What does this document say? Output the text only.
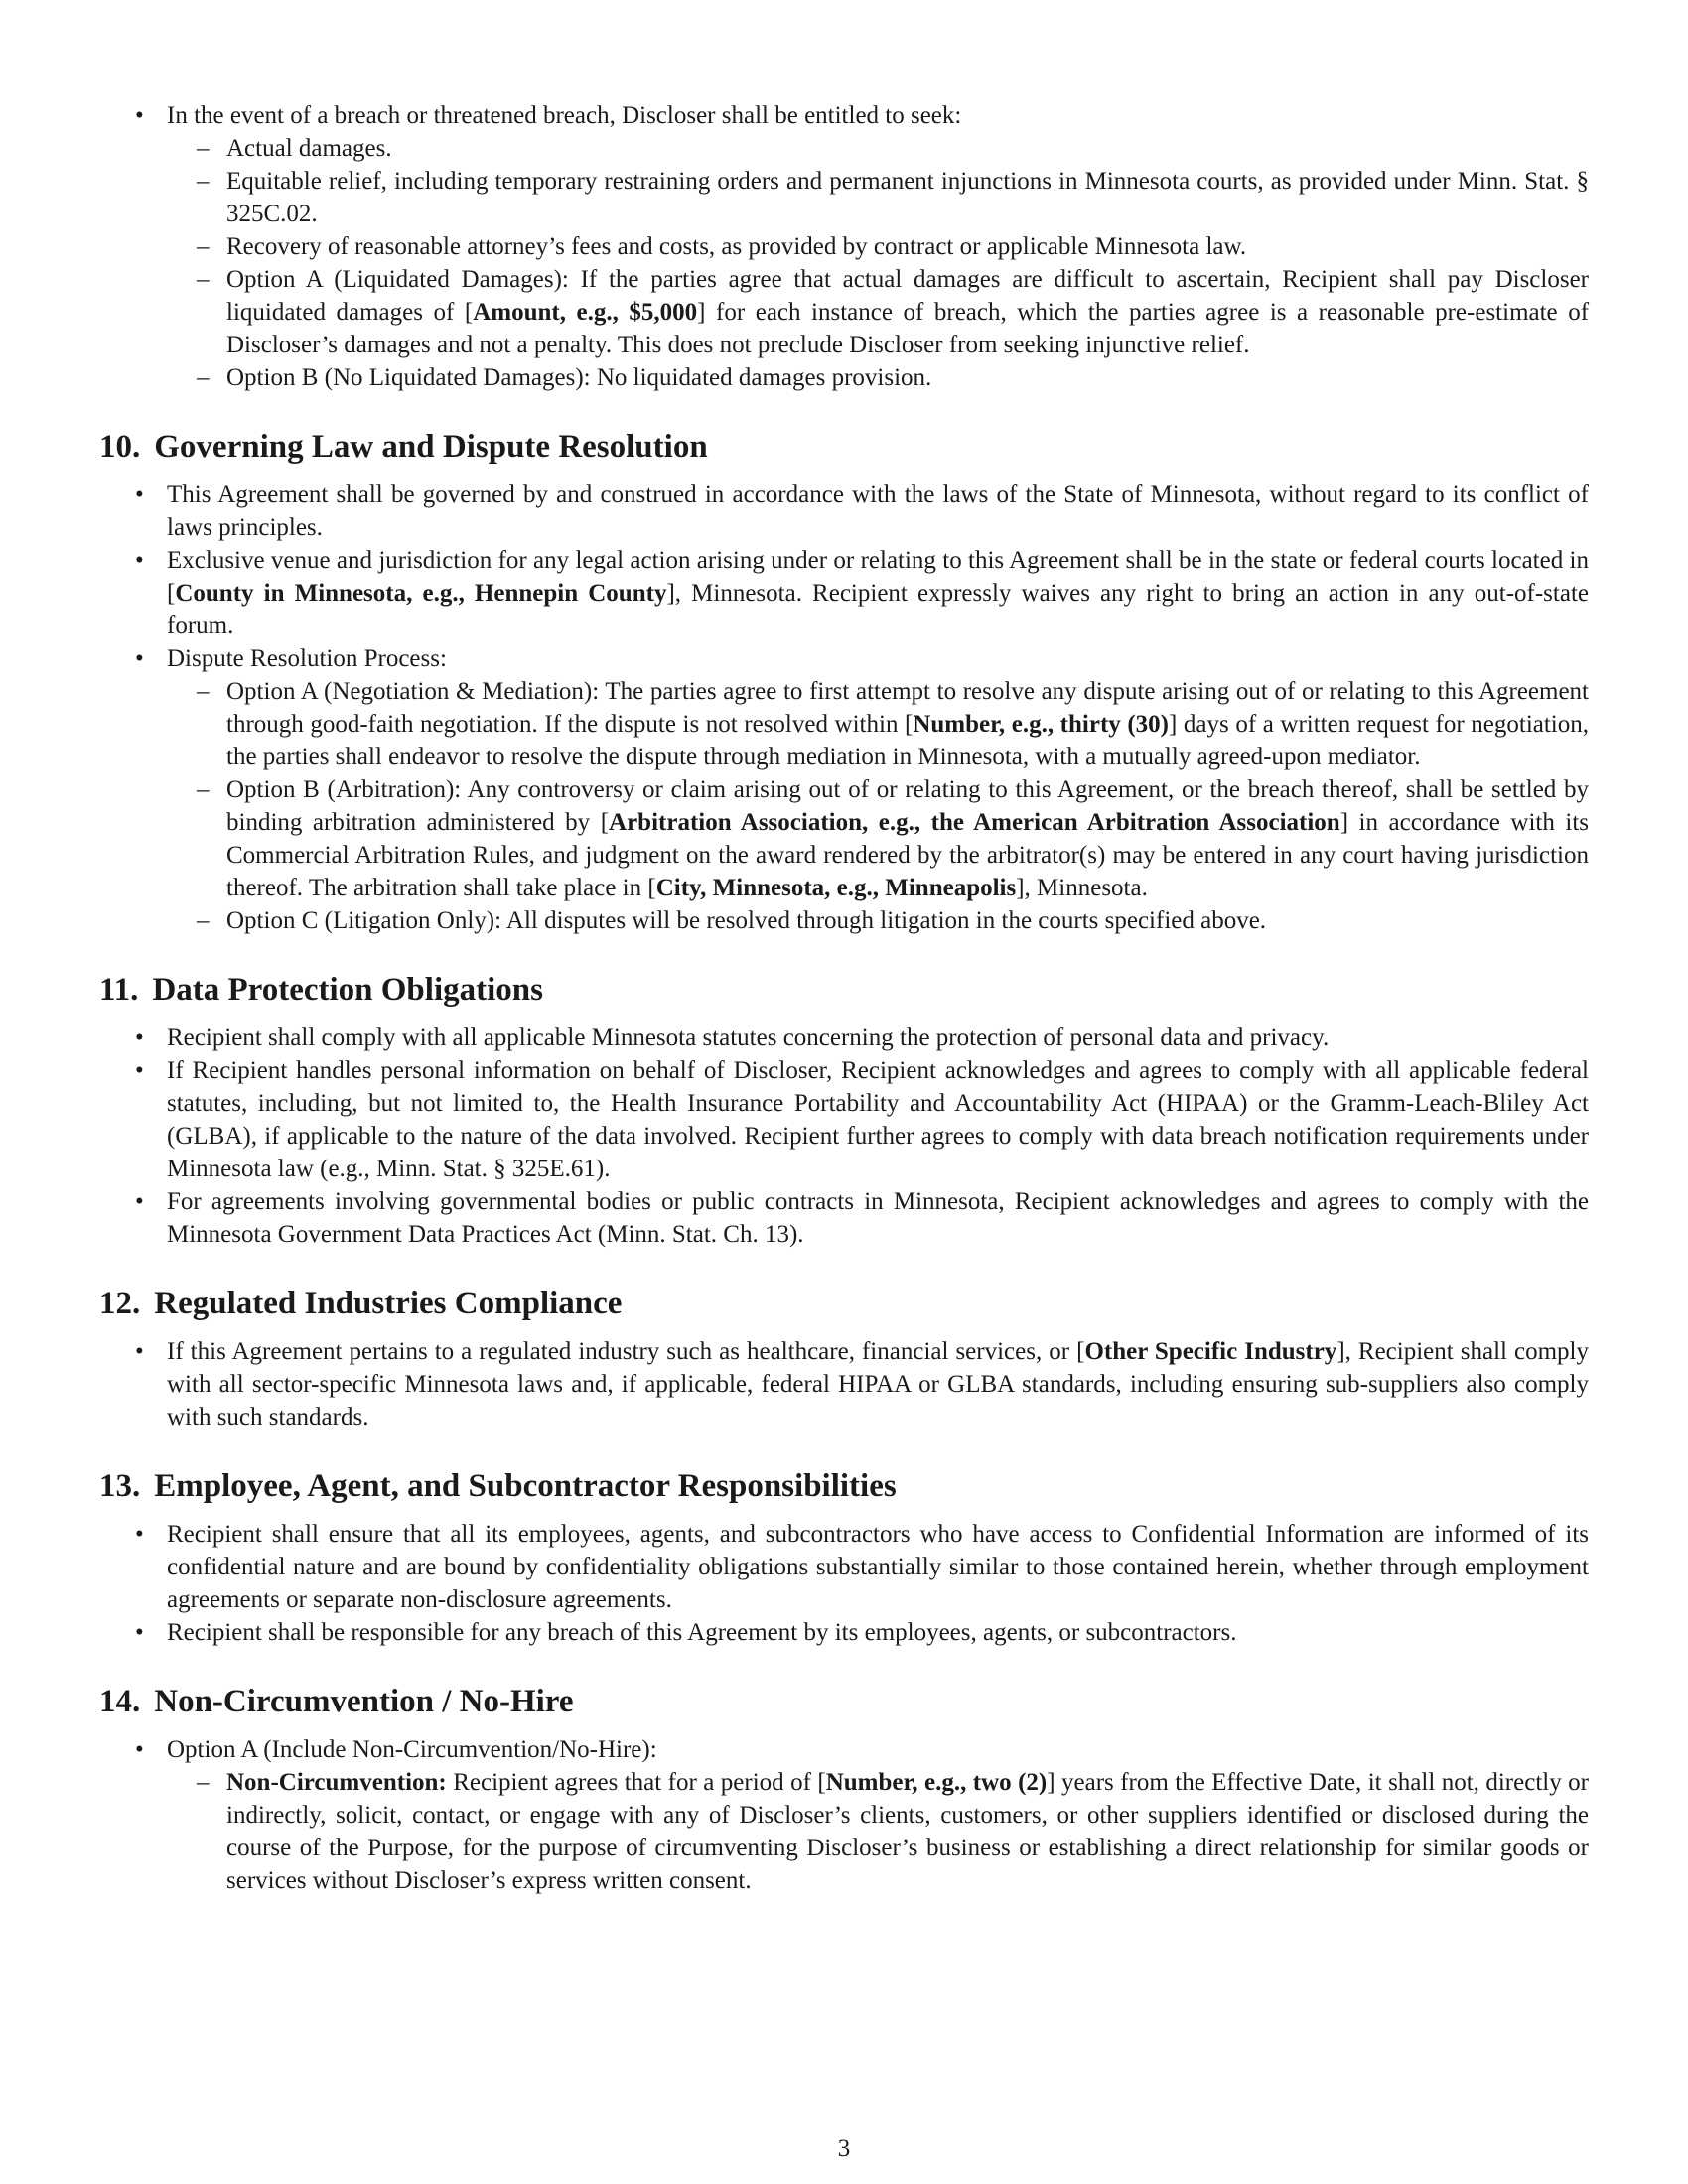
• In the event of a breach or threatened breach, Discloser shall be entitled to seek:
– Actual damages.
– Equitable relief, including temporary restraining orders and permanent injunctions in Minnesota courts, as provided under Minn. Stat. § 325C.02.
– Recovery of reasonable attorney’s fees and costs, as provided by contract or applicable Minnesota law.
– Option A (Liquidated Damages): If the parties agree that actual damages are difficult to ascertain, Recipient shall pay Discloser liquidated damages of [Amount, e.g., $5,000] for each instance of breach, which the parties agree is a reasonable pre-estimate of Discloser’s damages and not a penalty. This does not preclude Discloser from seeking injunctive relief.
– Option B (No Liquidated Damages): No liquidated damages provision.
10. Governing Law and Dispute Resolution
• This Agreement shall be governed by and construed in accordance with the laws of the State of Minnesota, without regard to its conflict of laws principles.
• Exclusive venue and jurisdiction for any legal action arising under or relating to this Agreement shall be in the state or federal courts located in [County in Minnesota, e.g., Hennepin County], Minnesota. Recipient expressly waives any right to bring an action in any out-of-state forum.
• Dispute Resolution Process:
– Option A (Negotiation & Mediation): The parties agree to first attempt to resolve any dispute arising out of or relating to this Agreement through good-faith negotiation. If the dispute is not resolved within [Number, e.g., thirty (30)] days of a written request for negotiation, the parties shall endeavor to resolve the dispute through mediation in Minnesota, with a mutually agreed-upon mediator.
– Option B (Arbitration): Any controversy or claim arising out of or relating to this Agreement, or the breach thereof, shall be settled by binding arbitration administered by [Arbitration Association, e.g., the American Arbitration Association] in accordance with its Commercial Arbitration Rules, and judgment on the award rendered by the arbitrator(s) may be entered in any court having jurisdiction thereof. The arbitration shall take place in [City, Minnesota, e.g., Minneapolis], Minnesota.
– Option C (Litigation Only): All disputes will be resolved through litigation in the courts specified above.
11. Data Protection Obligations
• Recipient shall comply with all applicable Minnesota statutes concerning the protection of personal data and privacy.
• If Recipient handles personal information on behalf of Discloser, Recipient acknowledges and agrees to comply with all applicable federal statutes, including, but not limited to, the Health Insurance Portability and Accountability Act (HIPAA) or the Gramm-Leach-Bliley Act (GLBA), if applicable to the nature of the data involved. Recipient further agrees to comply with data breach notification requirements under Minnesota law (e.g., Minn. Stat. § 325E.61).
• For agreements involving governmental bodies or public contracts in Minnesota, Recipient acknowledges and agrees to comply with the Minnesota Government Data Practices Act (Minn. Stat. Ch. 13).
12. Regulated Industries Compliance
• If this Agreement pertains to a regulated industry such as healthcare, financial services, or [Other Specific Industry], Recipient shall comply with all sector-specific Minnesota laws and, if applicable, federal HIPAA or GLBA standards, including ensuring sub-suppliers also comply with such standards.
13. Employee, Agent, and Subcontractor Responsibilities
• Recipient shall ensure that all its employees, agents, and subcontractors who have access to Confidential Information are informed of its confidential nature and are bound by confidentiality obligations substantially similar to those contained herein, whether through employment agreements or separate non-disclosure agreements.
• Recipient shall be responsible for any breach of this Agreement by its employees, agents, or subcontractors.
14. Non-Circumvention / No-Hire
• Option A (Include Non-Circumvention/No-Hire):
– Non-Circumvention: Recipient agrees that for a period of [Number, e.g., two (2)] years from the Effective Date, it shall not, directly or indirectly, solicit, contact, or engage with any of Discloser’s clients, customers, or other suppliers identified or disclosed during the course of the Purpose, for the purpose of circumventing Discloser’s business or establishing a direct relationship for similar goods or services without Discloser’s express written consent.
3
